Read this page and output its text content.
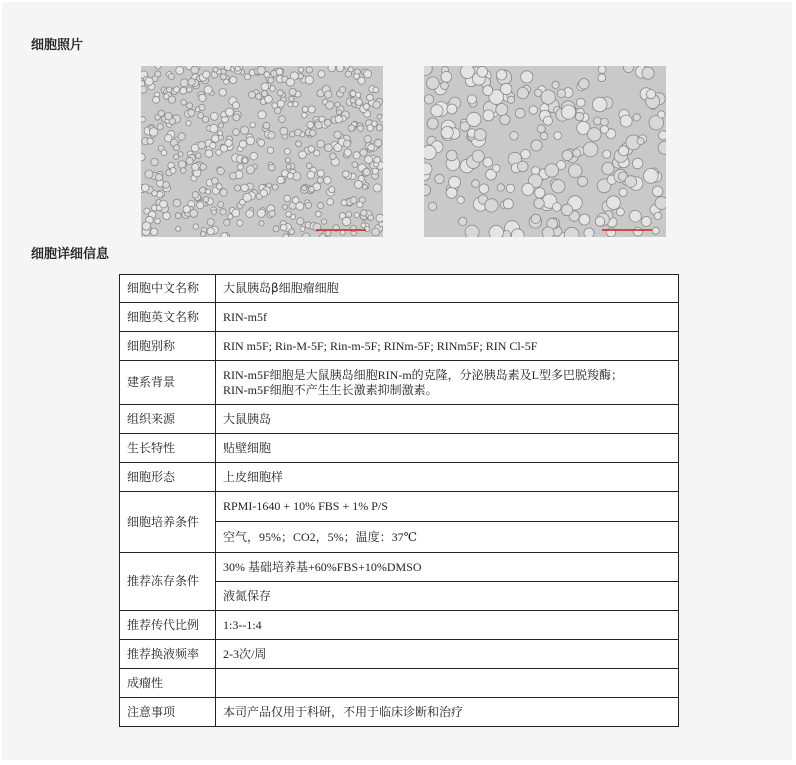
细胞照片
细胞详细信息
细胞中文名称	大鼠胰岛β细胞瘤细胞
细胞英文名称	RIN-m5f
细胞别称	RIN m5F; Rin-M-5F; Rin-m-5F; RINm-5F; RINm5F; RIN Cl-5F
建系背景	RIN-m5F细胞是大鼠胰岛细胞RIN-m的克隆，分泌胰岛素及L型多巴脱羧酶；
RIN-m5F细胞不产生生长激素抑制激素。

组织来源	大鼠胰岛
生长特性	贴壁细胞
细胞形态	上皮细胞样
细胞培养条件	RPMI-1640 + 10% FBS + 1% P/S
	空气，95%；CO2，5%；温度：37℃
推荐冻存条件	30% 基础培养基+60%FBS+10%DMSO
	液氮保存
推荐传代比例	1:3--1:4
推荐换液频率	2-3次/周
成瘤性	
注意事项	本司产品仅用于科研，不用于临床诊断和治疗
